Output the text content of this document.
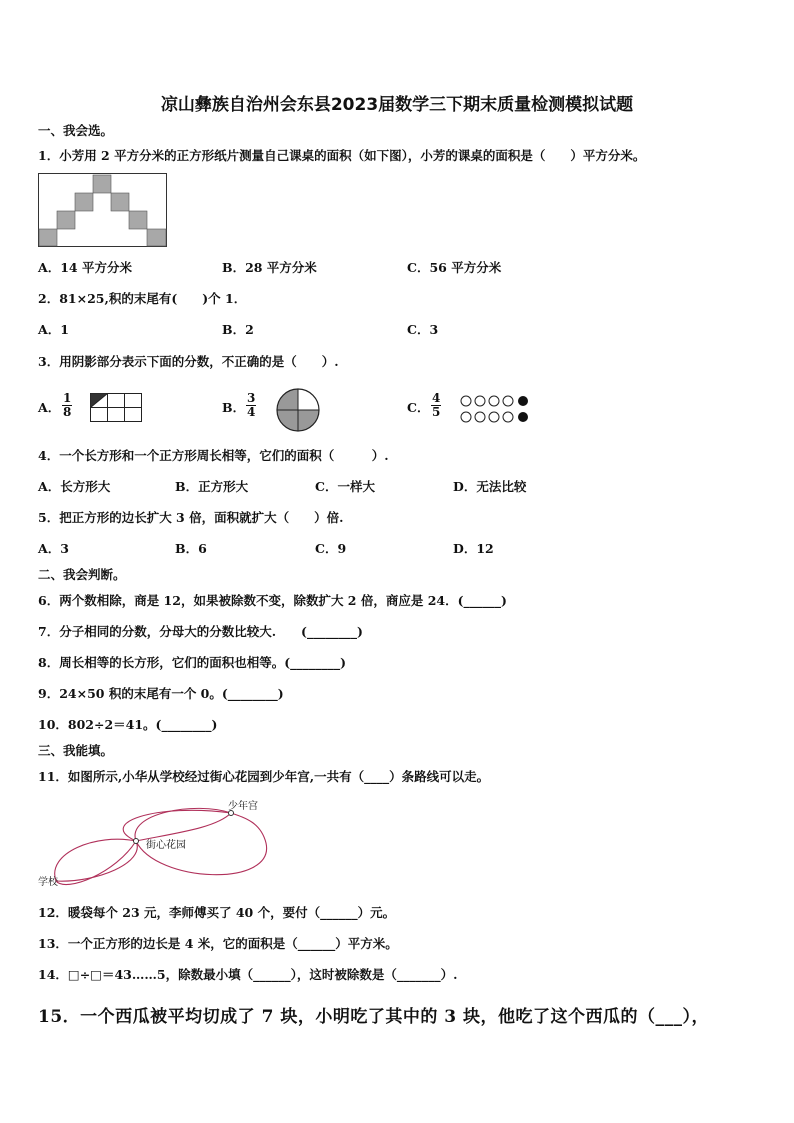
凉山彝族自治州会东县2023届数学三下期末质量检测模拟试题
一、我会选。
1．小芳用 2 平方分米的正方形纸片测量自己课桌的面积（如下图），小芳的课桌的面积是（　　）平方分米。
A．14 平方分米	B．28 平方分米	C．56 平方分米
2．81×25,积的末尾有(　　)个 1．
A．1	B．2	C．3
3．用阴影部分表示下面的分数，不正确的是（　　）.
A． $\frac{1}{8}$	B． $\frac{3}{4}$	C． $\frac{4}{5}$
4．一个长方形和一个正方形周长相等，它们的面积（　　　）.
A．长方形大	B．正方形大	C．一样大	D．无法比较
5．把正方形的边长扩大 3 倍，面积就扩大（　　）倍.
A．3	B．6	C．9	D．12
二、我会判断。
6．两个数相除，商是 12，如果被除数不变，除数扩大 2 倍，商应是 24．(______)
7．分子相同的分数，分母大的分数比较大.　　(________)
8．周长相等的长方形，它们的面积也相等。(________)
9．24×50 积的末尾有一个 0。(________)
10．802÷2＝41。(________)
三、我能填。
11．如图所示,小华从学校经过街心花园到少年宫,一共有（____）条路线可以走。
少年宫
街心花园
学校
12．暖袋每个 23 元，李师傅买了 40 个，要付（______）元。
13．一个正方形的边长是 4 米，它的面积是（______）平方米。
14．□÷□＝43……5，除数最小填（______），这时被除数是（_______）.
15．一个西瓜被平均切成了 7 块，小明吃了其中的 3 块，他吃了这个西瓜的（___），
